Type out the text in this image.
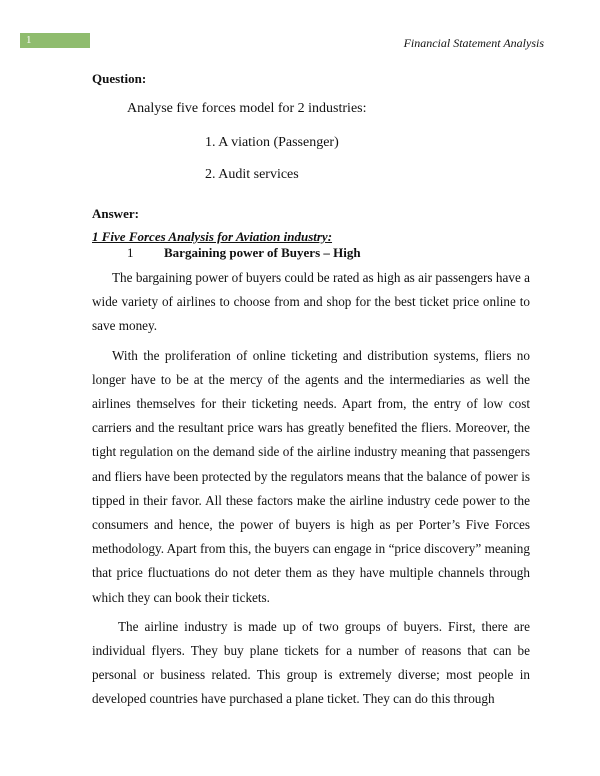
1	Financial Statement Analysis
Question:
Analyse five forces model for 2 industries:
1. A viation (Passenger)
2. Audit services
Answer:
1 Five Forces Analysis for Aviation industry:
1 Bargaining power of Buyers – High

The bargaining power of buyers could be rated as high as air passengers have a wide variety of airlines to choose from and shop for the best ticket price online to save money.

With the proliferation of online ticketing and distribution systems, fliers no longer have to be at the mercy of the agents and the intermediaries as well the airlines themselves for their ticketing needs. Apart from, the entry of low cost carriers and the resultant price wars has greatly benefited the fliers. Moreover, the tight regulation on the demand side of the airline industry meaning that passengers and fliers have been protected by the regulators means that the balance of power is tipped in their favor. All these factors make the airline industry cede power to the consumers and hence, the power of buyers is high as per Porter’s Five Forces methodology. Apart from this, the buyers can engage in “price discovery” meaning that price fluctuations do not deter them as they have multiple channels through which they can book their tickets.

The airline industry is made up of two groups of buyers. First, there are individual flyers. They buy plane tickets for a number of reasons that can be personal or business related. This group is extremely diverse; most people in developed countries have purchased a plane ticket. They can do this through
